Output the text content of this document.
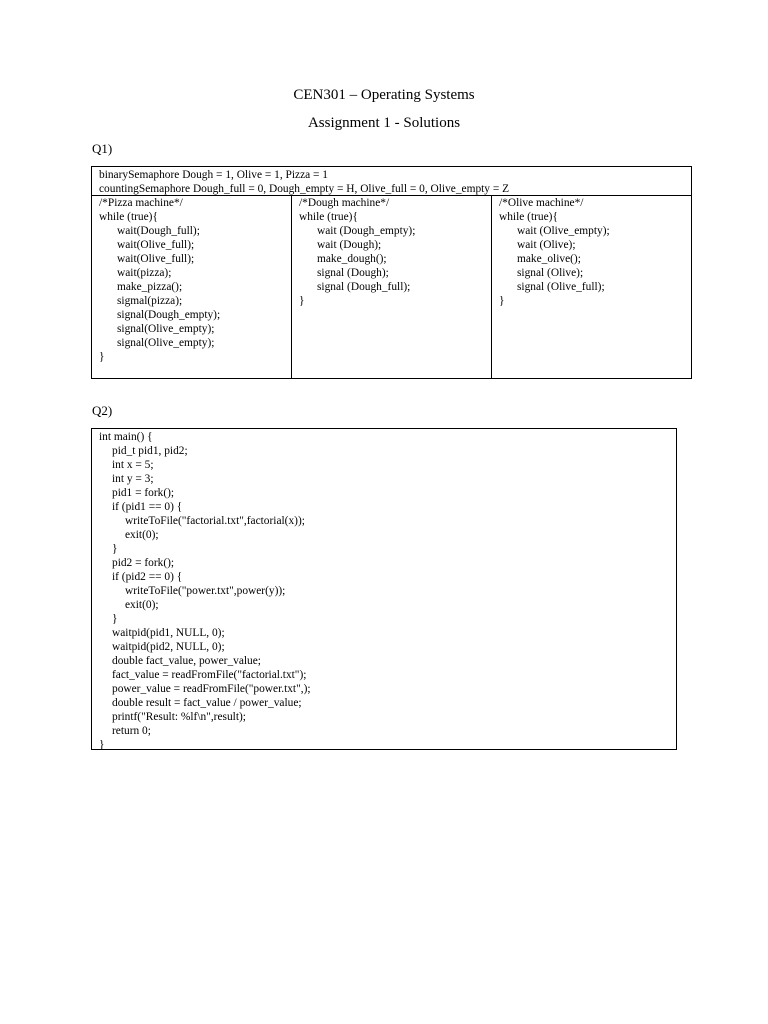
CEN301 – Operating Systems
Assignment 1 - Solutions
Q1)
binarySemaphore Dough = 1, Olive = 1, Pizza = 1
countingSemaphore Dough_full = 0, Dough_empty = H, Olive_full = 0, Olive_empty = Z
/*Pizza machine*/
while (true){
wait(Dough_full);
wait(Olive_full);
wait(Olive_full);
wait(pizza);
make_pizza();
sigmal(pizza);
signal(Dough_empty);
signal(Olive_empty);
signal(Olive_empty);
}
/*Dough machine*/
while (true){
wait (Dough_empty);
wait (Dough);
make_dough();
signal (Dough);
signal (Dough_full);
}
/*Olive machine*/
while (true){
wait (Olive_empty);
wait (Olive);
make_olive();
signal (Olive);
signal (Olive_full);
}
Q2)
int main() {
pid_t pid1, pid2;
int x = 5;
int y = 3;
pid1 = fork();
if (pid1 == 0) {
writeToFile("factorial.txt",factorial(x));
exit(0);
}
pid2 = fork();
if (pid2 == 0) {
writeToFile("power.txt",power(y));
exit(0);
}
waitpid(pid1, NULL, 0);
waitpid(pid2, NULL, 0);
double fact_value, power_value;
fact_value = readFromFile("factorial.txt");
power_value = readFromFile("power.txt",);
double result = fact_value / power_value;
printf("Result: %lf\n",result);
return 0;
}
